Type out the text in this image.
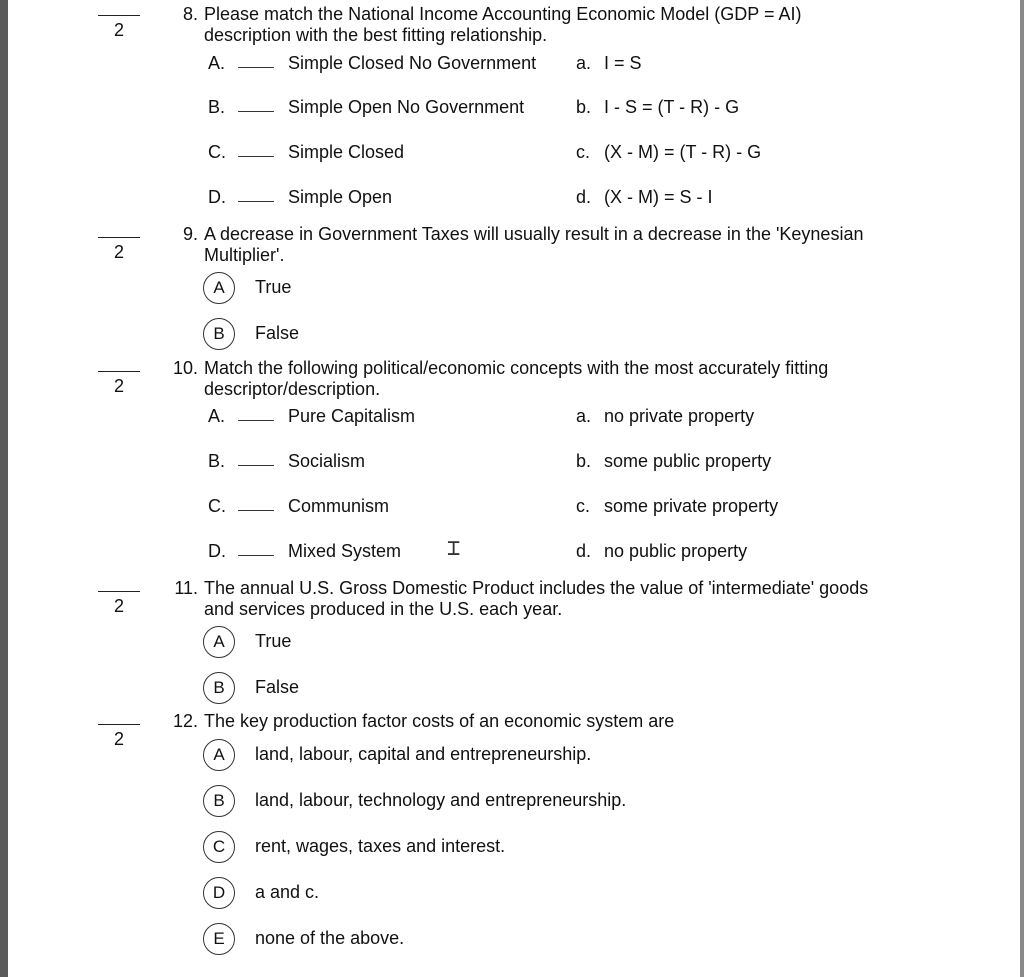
2
8. Please match the National Income Accounting Economic Model (GDP = AI)
description with the best fitting relationship.
A.	Simple Closed No Government a. I = S
B.	Simple Open No Government	b. I - S = (T - R) - G
C.	Simple Closed	c. (X - M) = (T - R) - G
D.	Simple Open	d. (X - M) = S - I
2
9. A decrease in Government Taxes will usually result in a decrease in the 'Keynesian
Multiplier'.
A	True
B	False
2
10. Match the following political/economic concepts with the most accurately fitting
descriptor/description.
A.	Pure Capitalism	a. no private property
B.	Socialism	b. some public property
C.	Communism	c. some private property
D.	Mixed System	d. no public property
2
11. The annual U.S. Gross Domestic Product includes the value of 'intermediate' goods
and services produced in the U.S. each year.
A	True
B	False
2
12. The key production factor costs of an economic system are
A	land, labour, capital and entrepreneurship.
B	land, labour, technology and entrepreneurship.
C	rent, wages, taxes and interest.
D	a and c.
E	none of the above.
⌶
